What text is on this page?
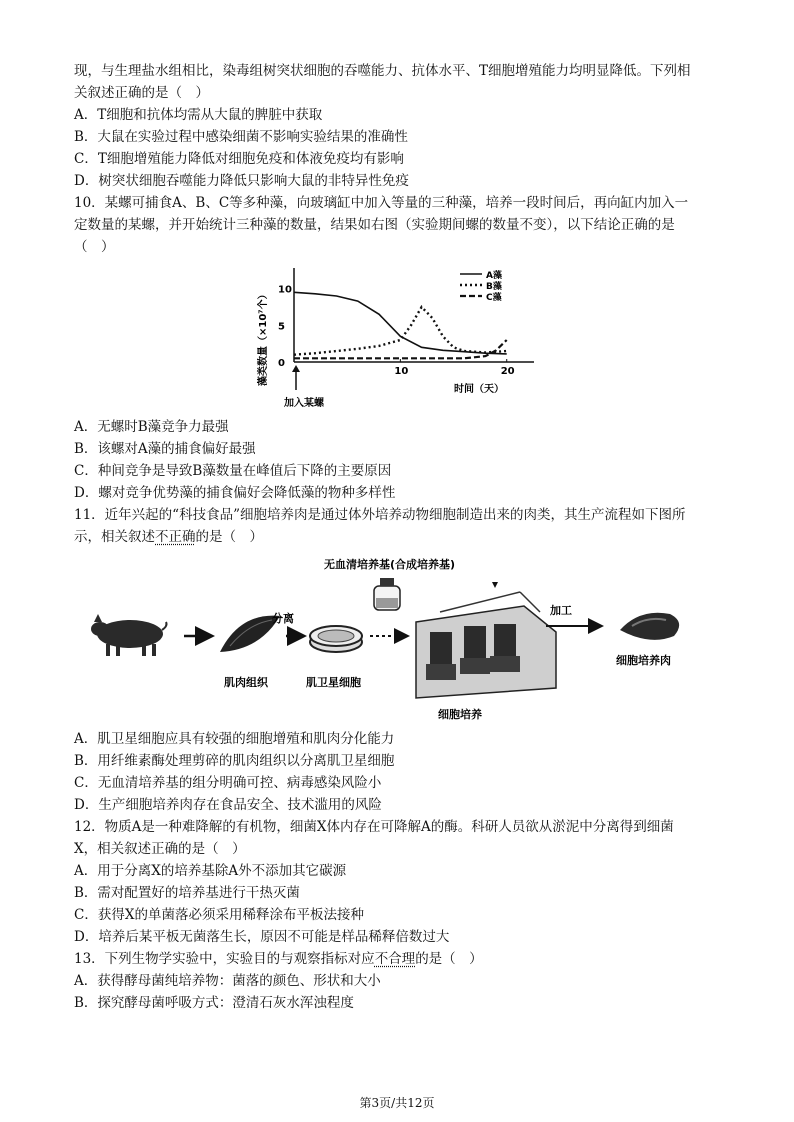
现，与生理盐水组相比，染毒组树突状细胞的吞噬能力、抗体水平、T细胞增殖能力均明显降低。下列相
关叙述正确的是（　）
A．T细胞和抗体均需从大鼠的脾脏中获取
B．大鼠在实验过程中感染细菌不影响实验结果的准确性
C．T细胞增殖能力降低对细胞免疫和体液免疫均有影响
D．树突状细胞吞噬能力降低只影响大鼠的非特异性免疫
10．某螺可捕食A、B、C等多种藻，向玻璃缸中加入等量的三种藻，培养一段时间后，再向缸内加入一
定数量的某螺，并开始统计三种藻的数量，结果如右图（实验期间螺的数量不变），以下结论正确的是
（　）
10	20
0
5
10
A藻
B藻
C藻
藻类数量（×10⁷个）
时间（天）
加入某螺
A．无螺时B藻竞争力最强
B．该螺对A藻的捕食偏好最强
C．种间竞争是导致B藻数量在峰值后下降的主要原因
D．螺对竞争优势藻的捕食偏好会降低藻的物种多样性
11．近年兴起的“科技食品”细胞培养肉是通过体外培养动物细胞制造出来的肉类，其生产流程如下图所
示，相关叙述不正确的是（　）
肌肉组织
分离
肌卫星细胞
无血清培养基(合成培养基)
细胞培养
加工
细胞培养肉
A．肌卫星细胞应具有较强的细胞增殖和肌肉分化能力
B．用纤维素酶处理剪碎的肌肉组织以分离肌卫星细胞
C．无血清培养基的组分明确可控、病毒感染风险小
D．生产细胞培养肉存在食品安全、技术滥用的风险
12．物质A是一种难降解的有机物，细菌X体内存在可降解A的酶。科研人员欲从淤泥中分离得到细菌
X，相关叙述正确的是（　）
A．用于分离X的培养基除A外不添加其它碳源
B．需对配置好的培养基进行干热灭菌
C．获得X的单菌落必须采用稀释涂布平板法接种
D．培养后某平板无菌落生长，原因不可能是样品稀释倍数过大
13．下列生物学实验中，实验目的与观察指标对应不合理的是（　）
A．获得酵母菌纯培养物：菌落的颜色、形状和大小
B．探究酵母菌呼吸方式：澄清石灰水浑浊程度
第3页/共12页
